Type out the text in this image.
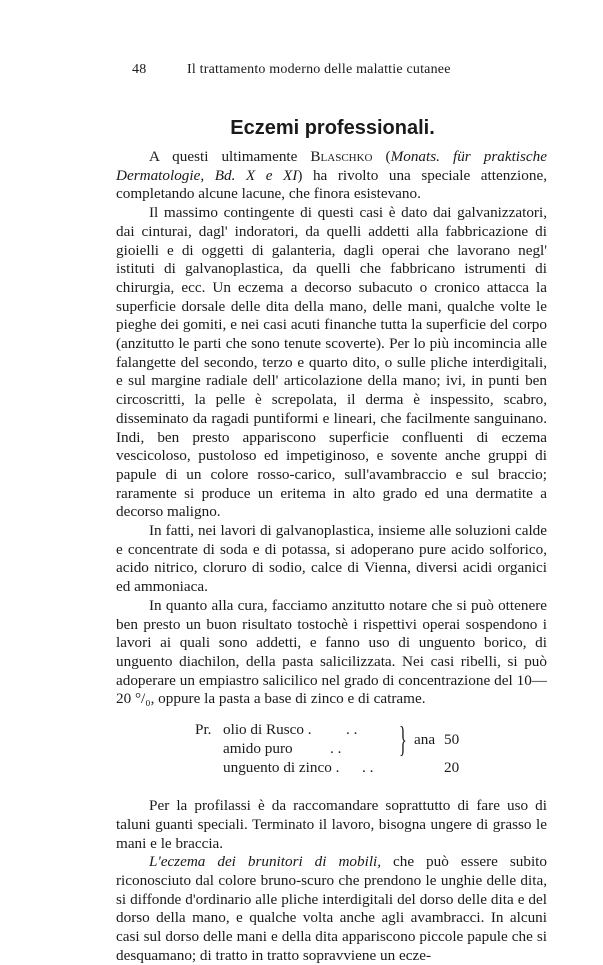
48	Il trattamento moderno delle malattie cutanee
Eczemi professionali.

A questi ultimamente Blaschko (Monats. für praktische Dermatologie, Bd. X e XI) ha rivolto una speciale attenzione, completando alcune lacune, che finora esistevano.

Il massimo contingente di questi casi è dato dai galvanizzatori, dai cinturai, dagl' indoratori, da quelli addetti alla fabbricazione di gioielli e di oggetti di galanteria, dagli operai che lavorano negl' istituti di galvanoplastica, da quelli che fabbricano istrumenti di chirurgia, ecc. Un eczema a decorso subacuto o cronico attacca la superficie dorsale delle dita della mano, delle mani, qualche volte le pieghe dei gomiti, e nei casi acuti finanche tutta la superficie del corpo (anzitutto le parti che sono tenute scoverte). Per lo più incomincia alle falangette del secondo, terzo e quarto dito, o sulle pliche interdigitali, e sul margine radiale dell' articolazione della mano; ivi, in punti ben circoscritti, la pelle è screpolata, il derma è inspessito, scabro, disseminato da ragadi puntiformi e lineari, che facilmente sanguinano. Indi, ben presto appariscono superficie confluenti di eczema vescicoloso, pustoloso ed impetiginoso, e sovente anche gruppi di papule di un colore rosso-carico, sull'avambraccio e sul braccio; raramente si produce un eritema in alto grado ed una dermatite a decorso maligno.

In fatti, nei lavori di galvanoplastica, insieme alle soluzioni calde e concentrate di soda e di potassa, si adoperano pure acido solforico, acido nitrico, cloruro di sodio, calce di Vienna, diversi acidi organici ed ammoniaca.

In quanto alla cura, facciamo anzitutto notare che si può ottenere ben presto un buon risultato tostochè i rispettivi operai sospendono i lavori ai quali sono addetti, e fanno uso di unguento borico, di unguento diachilon, della pasta salicilizzata. Nei casi ribelli, si può adoperare un empiastro salicilico nel grado di concentrazione del 10—20 °/₀, oppure la pasta a base di zinco e di catrame.

Pr. olio di Rusco .
amido puro
unguento di zinco .
. .
. .
. .
} ana 50
20

Per la profilassi è da raccomandare soprattutto di fare uso di taluni guanti speciali. Terminato il lavoro, bisogna ungere di grasso le mani e le braccia.

L'eczema dei brunitori di mobili, che può essere subito riconosciuto dal colore bruno-scuro che prendono le unghie delle dita, si diffonde d'ordinario alle pliche interdigitali del dorso delle dita e del dorso della mano, e qualche volta anche agli avambracci. In alcuni casi sul dorso delle mani e della dita appariscono piccole papule che si desquamano; di tratto in tratto sopravviene un ecze-
